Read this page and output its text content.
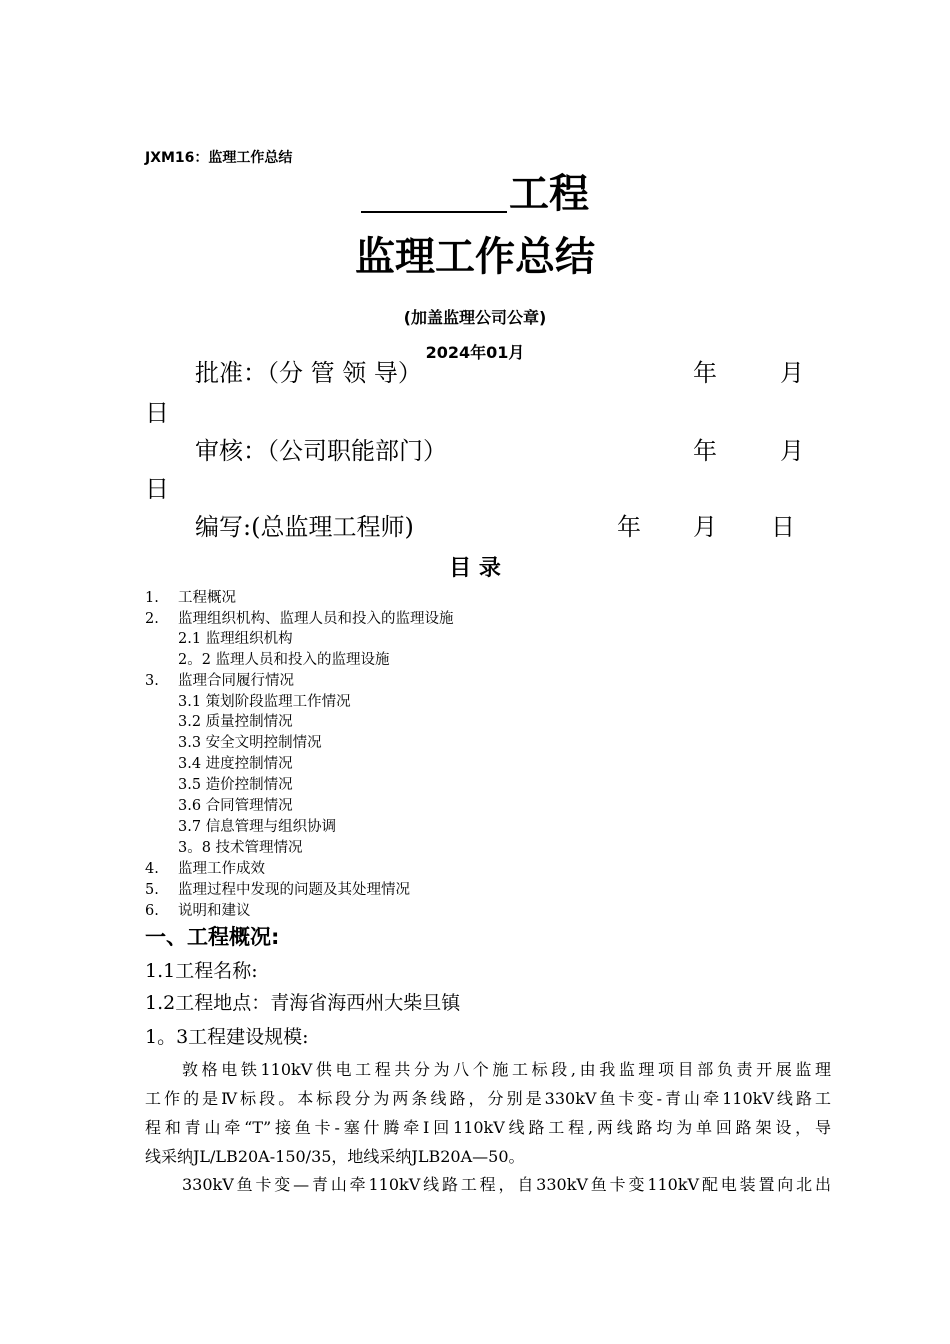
JXM16：监理工作总结
工程
监理工作总结
(加盖监理公司公章)
2024年01月
批准：（分 管 领 导）	年	月
日
审核：（公司职能部门）	年	月
日
编写:(总监理工程师)	年 月 日
目 录
1. 工程概况
2. 监理组织机构、监理人员和投入的监理设施
2.1 监理组织机构
2。2 监理人员和投入的监理设施
3. 监理合同履行情况
3.1 策划阶段监理工作情况
3.2 质量控制情况
3.3 安全文明控制情况
3.4 进度控制情况
3.5 造价控制情况
3.6 合同管理情况
3.7 信息管理与组织协调
3。8 技术管理情况
4. 监理工作成效
5. 监理过程中发现的问题及其处理情况
6. 说明和建议
一、工程概况:
1.1工程名称:
1.2工程地点：青海省海西州大柴旦镇
1。3工程建设规模:
敦格电铁110kV供电工程共分为八个施工标段,由我监理项目部负责开展监理
工作的是Ⅳ标段。本标段分为两条线路，分别是330kV鱼卡变-青山牵110kV线路工
程和青山牵“T”接鱼卡-塞什腾牵I回110kV线路工程,两线路均为单回路架设，导
线采纳JL/LB20A-150/35，地线采纳JLB20A—50。
330kV鱼卡变—青山牵110kV线路工程，自330kV鱼卡变110kV配电装置向北出
